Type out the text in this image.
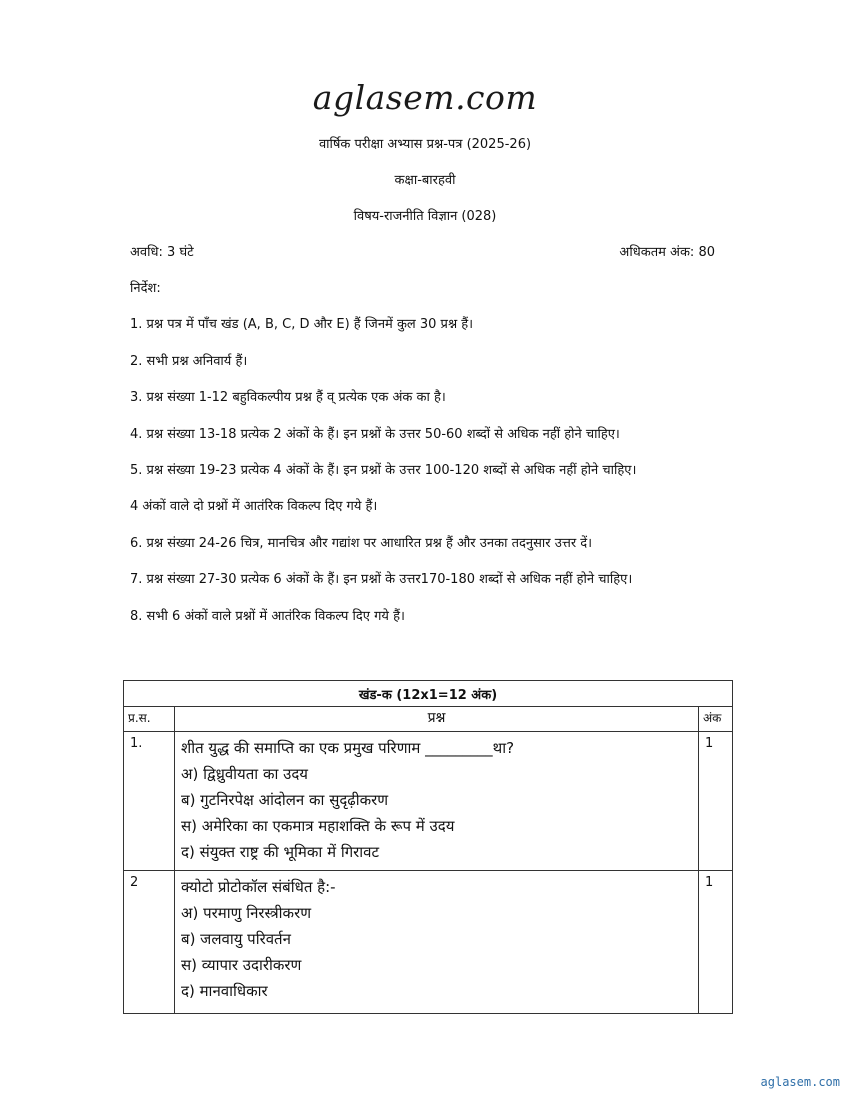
aglasem.com
वार्षिक परीक्षा अभ्यास प्रश्न-पत्र (2025-26)
कक्षा-बारहवी
विषय-राजनीति विज्ञान (028)
अवधि: 3 घंटे	अधिकतम अंक: 80
निर्देश:
1. प्रश्न पत्र में पाँच खंड (A, B, C, D और E) हैं जिनमें कुल 30 प्रश्न हैं।
2. सभी प्रश्न अनिवार्य हैं।
3. प्रश्न संख्या 1-12 बहुविकल्पीय प्रश्न हैं व् प्रत्येक एक अंक का है।
4. प्रश्न संख्या 13-18 प्रत्येक 2 अंकों के हैं। इन प्रश्नों के उत्तर 50-60 शब्दों से अधिक नहीं होने चाहिए।
5. प्रश्न संख्या 19-23 प्रत्येक 4 अंकों के हैं। इन प्रश्नों के उत्तर 100-120 शब्दों से अधिक नहीं होने चाहिए।
4 अंकों वाले दो प्रश्नों में आतंरिक विकल्प दिए गये हैं।
6. प्रश्न संख्या 24-26 चित्र, मानचित्र और गद्यांश पर आधारित प्रश्न हैं और उनका तदनुसार उत्तर दें।
7. प्रश्न संख्या 27-30 प्रत्येक 6 अंकों के हैं। इन प्रश्नों के उत्तर170-180 शब्दों से अधिक नहीं होने चाहिए।
8. सभी 6 अंकों वाले प्रश्नों में आतंरिक विकल्प दिए गये हैं।
खंड-क (12x1=12 अंक)		
प्र.स.	प्रश्न	अंक
1.	शीत युद्ध की समाप्ति का एक प्रमुख परिणाम _________था?
अ) द्विध्रुवीयता का उदय
ब) गुटनिरपेक्ष आंदोलन का सुदृढ़ीकरण
स) अमेरिका का एकमात्र महाशक्ति के रूप में उदय
द) संयुक्त राष्ट्र की भूमिका में गिरावट	1
2	क्योटो प्रोटोकॉल संबंधित है:-
अ) परमाणु निरस्त्रीकरण
ब) जलवायु परिवर्तन
स) व्यापार उदारीकरण
द) मानवाधिकार	1
aglasem.com
